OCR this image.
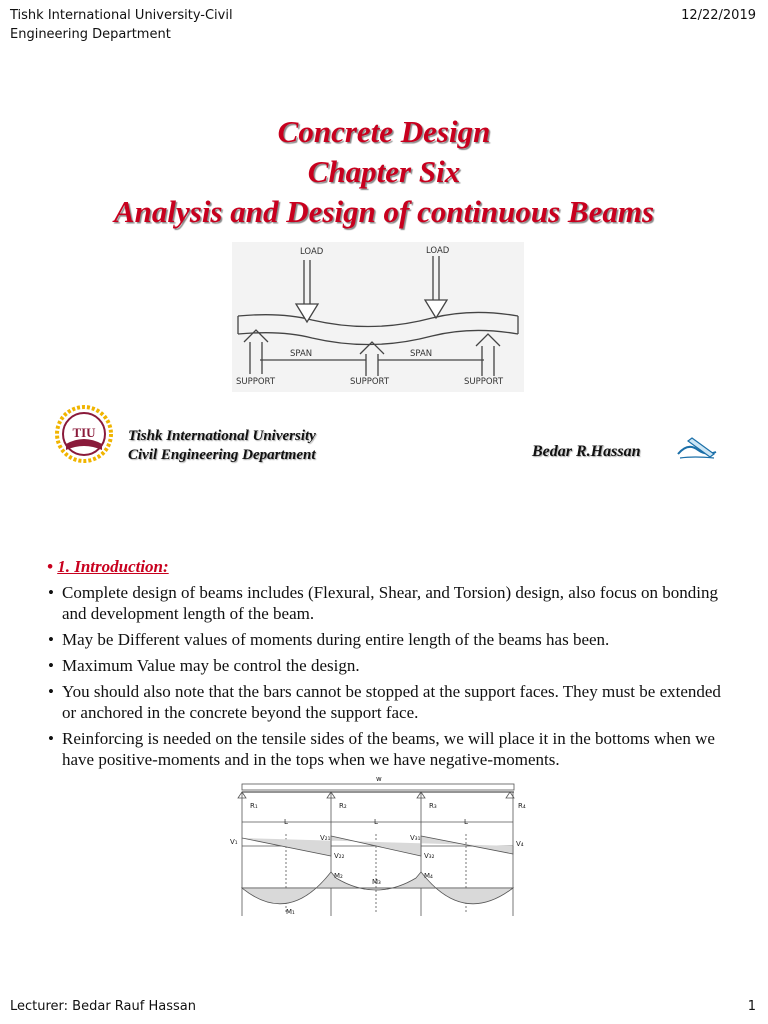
Tishk International University-Civil
Engineering Department
12/22/2019
Concrete Design
Chapter Six
Analysis and Design of continuous Beams
LOAD	LOAD
SPAN	SPAN
SUPPORT	SUPPORT	SUPPORT
TIU Tishk International University
Civil Engineering Department	Bedar R.Hassan
• 1. Introduction:
• Complete design of beams includes (Flexural, Shear, and Torsion) design, also focus on bonding and development length of the beam.
• May be Different values of moments during entire length of the beams has been.
• Maximum Value may be control the design.
• You should also note that the bars cannot be stopped at the support faces. They must be extended or anchored in the concrete beyond the support face.
• Reinforcing is needed on the tensile sides of the beams, we will place it in the bottoms when we have positive-moments and in the tops when we have negative-moments.
w
R₁	R₂	R₃	R₄
L	L	L
V₁	V₂₁
V₂₂
V₃₁
V₃₂
V₄
M₂
M₃
M₄
M₁
Lecturer: Bedar Rauf Hassan	1
